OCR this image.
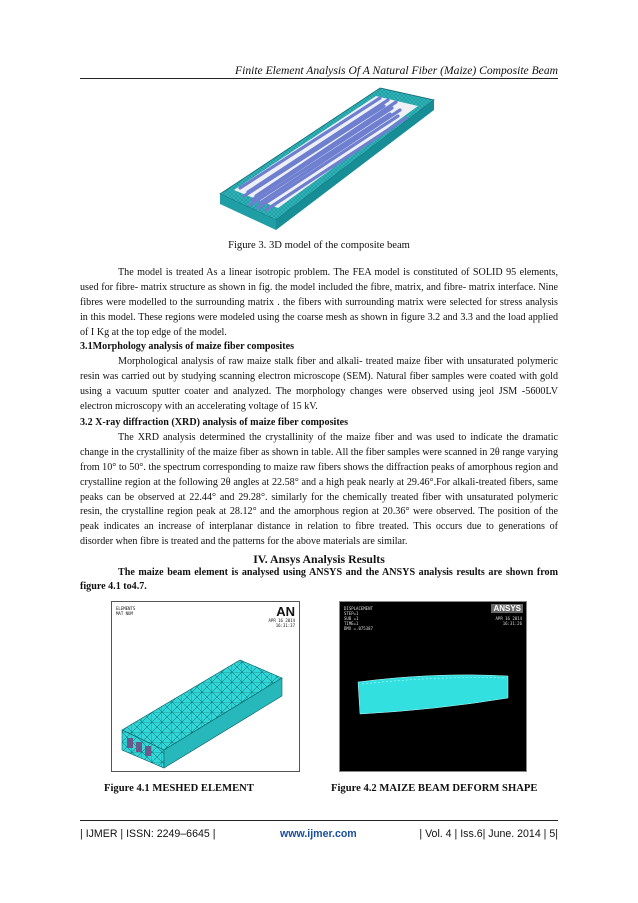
Finite Element Analysis Of A Natural Fiber (Maize) Composite Beam
Figure 3. 3D model of the composite beam

The model is treated As a linear isotropic problem. The FEA model is constituted of SOLID 95 elements, used for fibre- matrix structure as shown in fig. the model included the fibre, matrix, and fibre- matrix interface. Nine fibres were modelled to the surrounding matrix . the fibers with surrounding matrix were selected for stress analysis in this model. These regions were modeled using the coarse mesh as shown in figure 3.2 and 3.3 and the load applied of I Kg at the top edge of the model.

3.1Morphology analysis of maize fiber composites

Morphological analysis of raw maize stalk fiber and alkali- treated maize fiber with unsaturated polymeric resin was carried out by studying scanning electron microscope (SEM). Natural fiber samples were coated with gold using a vacuum sputter coater and analyzed. The morphology changes were observed using jeol JSM -5600LV electron microscopy with an accelerating voltage of 15 kV.

3.2 X-ray diffraction (XRD) analysis of maize fiber composites

The XRD analysis determined the crystallinity of the maize fiber and was used to indicate the dramatic change in the crystallinity of the maize fiber as shown in table. All the fiber samples were scanned in 2θ range varying from 10° to 50°. the spectrum corresponding to maize raw fibers shows the diffraction peaks of amorphous region and crystalline region at the following 2θ angles at 22.58° and a high peak nearly at 29.46°.For alkali-treated fibers, same peaks can be observed at 22.44° and 29.28°. similarly for the chemically treated fiber with unsaturated polymeric resin, the crystalline region peak at 28.12° and the amorphous region at 20.36° were observed. The position of the peak indicates an increase of interplanar distance in relation to fibre treated. This occurs due to generations of disorder when fibre is treated and the patterns for the above materials are similar.

IV. Ansys Analysis Results
The maize beam element is analysed using ANSYS and the ANSYS analysis results are shown from figure 4.1 to4.7.
ELEMENTS
MAT NUM	AN
APR 16 2014
16:31:37
DISPLACEMENT
STEP=1
SUB =1
TIME=1
DMX =.075387
ANSYS
APR 16 2014
16:31:26
Figure 4.1 MESHED ELEMENT	Figure 4.2 MAIZE BEAM DEFORM SHAPE
| IJMER | ISSN: 2249–6645 |	www.ijmer.com	| Vol. 4 | Iss.6| June. 2014 | 5|
